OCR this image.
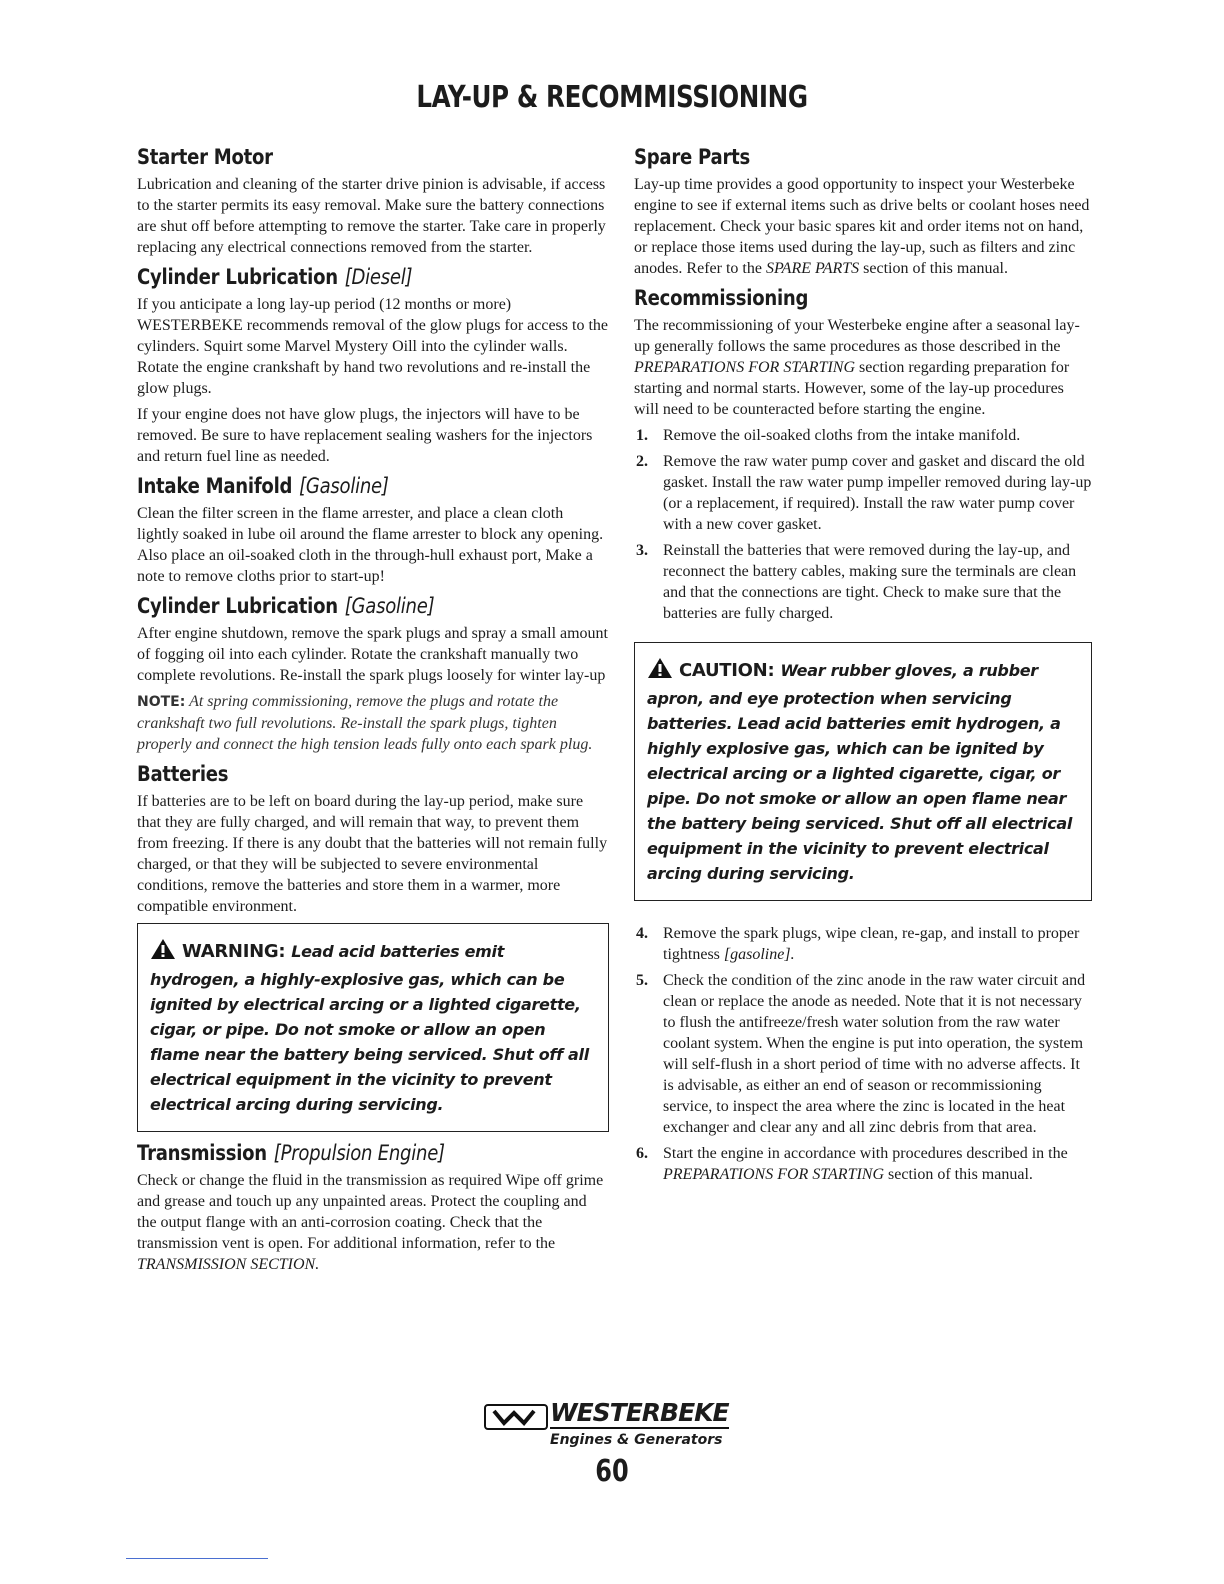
LAY-UP & RECOMMISSIONING
Starter Motor

Lubrication and cleaning of the starter drive pinion is advisable, if access to the starter permits its easy removal. Make sure the battery connections are shut off before attempting to remove the starter. Take care in properly replacing any electrical connections removed from the starter.

Cylinder Lubrication [Diesel]

If you anticipate a long lay-up period (12 months or more) WESTERBEKE recommends removal of the glow plugs for access to the cylinders. Squirt some Marvel Mystery Oill into the cylinder walls. Rotate the engine crankshaft by hand two revolutions and re-install the glow plugs.

If your engine does not have glow plugs, the injectors will have to be removed. Be sure to have replacement sealing washers for the injectors and return fuel line as needed.

Intake Manifold [Gasoline]

Clean the filter screen in the flame arrester, and place a clean cloth lightly soaked in lube oil around the flame arrester to block any opening. Also place an oil-soaked cloth in the through-hull exhaust port, Make a note to remove cloths prior to start-up!

Cylinder Lubrication [Gasoline]

After engine shutdown, remove the spark plugs and spray a small amount of fogging oil into each cylinder. Rotate the crankshaft manually two complete revolutions. Re-install the spark plugs loosely for winter lay-up

NOTE: At spring commissioning, remove the plugs and rotate the crankshaft two full revolutions. Re-install the spark plugs, tighten properly and connect the high tension leads fully onto each spark plug.

Batteries

If batteries are to be left on board during the lay-up period, make sure that they are fully charged, and will remain that way, to prevent them from freezing. If there is any doubt that the batteries will not remain fully charged, or that they will be subjected to severe environmental conditions, remove the batteries and store them in a warmer, more compatible environment.

WARNING: Lead acid batteries emit hydrogen, a highly-explosive gas, which can be ignited by electrical arcing or a lighted cigarette, cigar, or pipe. Do not smoke or allow an open flame near the battery being serviced. Shut off all electrical equipment in the vicinity to prevent electrical arcing during servicing.
Transmission [Propulsion Engine]

Check or change the fluid in the transmission as required Wipe off grime and grease and touch up any unpainted areas. Protect the coupling and the output flange with an anti-corrosion coating. Check that the transmission vent is open. For additional information, refer to the TRANSMISSION SECTION.

Spare Parts

Lay-up time provides a good opportunity to inspect your Westerbeke engine to see if external items such as drive belts or coolant hoses need replacement. Check your basic spares kit and order items not on hand, or replace those items used during the lay-up, such as filters and zinc anodes. Refer to the SPARE PARTS section of this manual.

Recommissioning

The recommissioning of your Westerbeke engine after a seasonal lay-up generally follows the same procedures as those described in the PREPARATIONS FOR STARTING section regarding preparation for starting and normal starts. However, some of the lay-up procedures will need to be counteracted before starting the engine.

1. Remove the oil-soaked cloths from the intake manifold.
2. Remove the raw water pump cover and gasket and discard the old gasket. Install the raw water pump impeller removed during lay-up (or a replacement, if required). Install the raw water pump cover with a new cover gasket.
3. Reinstall the batteries that were removed during the lay-up, and reconnect the battery cables, making sure the terminals are clean and that the connections are tight. Check to make sure that the batteries are fully charged.
CAUTION: Wear rubber gloves, a rubber apron, and eye protection when servicing batteries. Lead acid batteries emit hydrogen, a highly explosive gas, which can be ignited by electrical arcing or a lighted cigarette, cigar, or pipe. Do not smoke or allow an open flame near the battery being serviced. Shut off all electrical equipment in the vicinity to prevent electrical arcing during servicing.
4. Remove the spark plugs, wipe clean, re-gap, and install to proper tightness [gasoline].
5. Check the condition of the zinc anode in the raw water circuit and clean or replace the anode as needed. Note that it is not necessary to flush the antifreeze/fresh water solution from the raw water coolant system. When the engine is put into operation, the system will self-flush in a short period of time with no adverse affects. It is advisable, as either an end of season or recommissioning service, to inspect the area where the zinc is located in the heat exchanger and clear any and all zinc debris from that area.
6. Start the engine in accordance with procedures described in the PREPARATIONS FOR STARTING section of this manual.
WESTERBEKE
Engines & Generators
60
